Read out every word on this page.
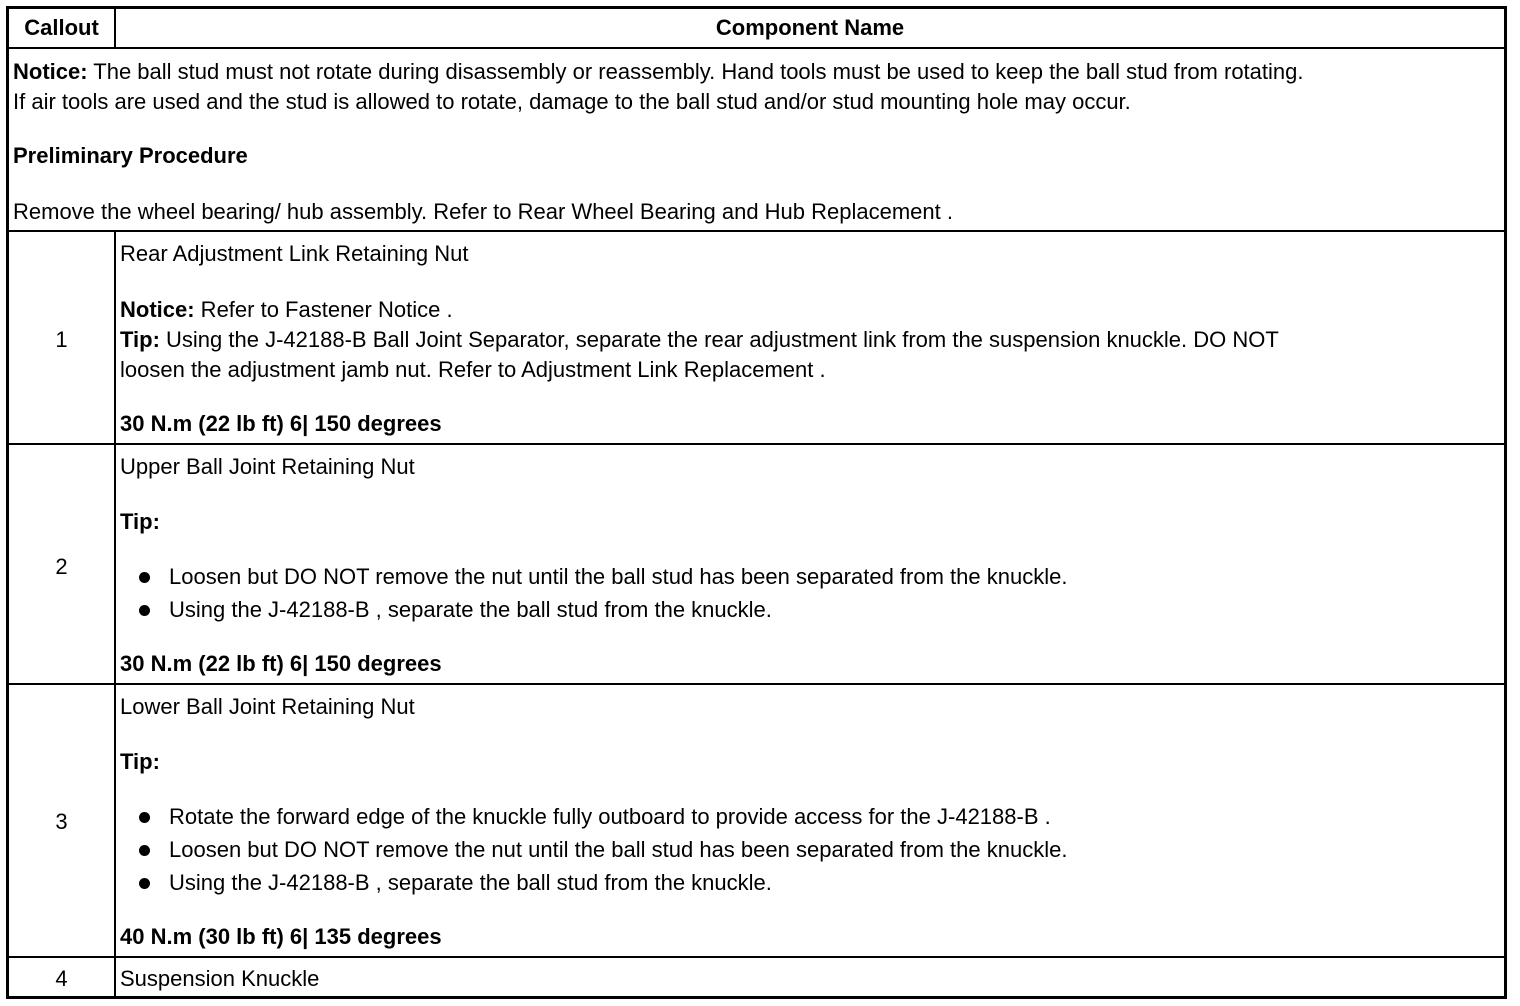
Callout	Component Name
Notice: The ball stud must not rotate during disassembly or reassembly. Hand tools must be used to keep the ball stud from rotating.
If air tools are used and the stud is allowed to rotate, damage to the ball stud and/or stud mounting hole may occur.
Preliminary Procedure
Remove the wheel bearing/ hub assembly. Refer to Rear Wheel Bearing and Hub Replacement .
1
Rear Adjustment Link Retaining Nut
Notice: Refer to Fastener Notice .
Tip: Using the J-42188-B Ball Joint Separator, separate the rear adjustment link from the suspension knuckle. DO NOT
loosen the adjustment jamb nut. Refer to Adjustment Link Replacement .
30 N.m (22 lb ft) 6| 150 degrees
2
Upper Ball Joint Retaining Nut
Tip:
Loosen but DO NOT remove the nut until the ball stud has been separated from the knuckle.
Using the J-42188-B , separate the ball stud from the knuckle.
30 N.m (22 lb ft) 6| 150 degrees
3
Lower Ball Joint Retaining Nut
Tip:
Rotate the forward edge of the knuckle fully outboard to provide access for the J-42188-B .
Loosen but DO NOT remove the nut until the ball stud has been separated from the knuckle.
Using the J-42188-B , separate the ball stud from the knuckle.
40 N.m (30 lb ft) 6| 135 degrees
4	Suspension Knuckle
